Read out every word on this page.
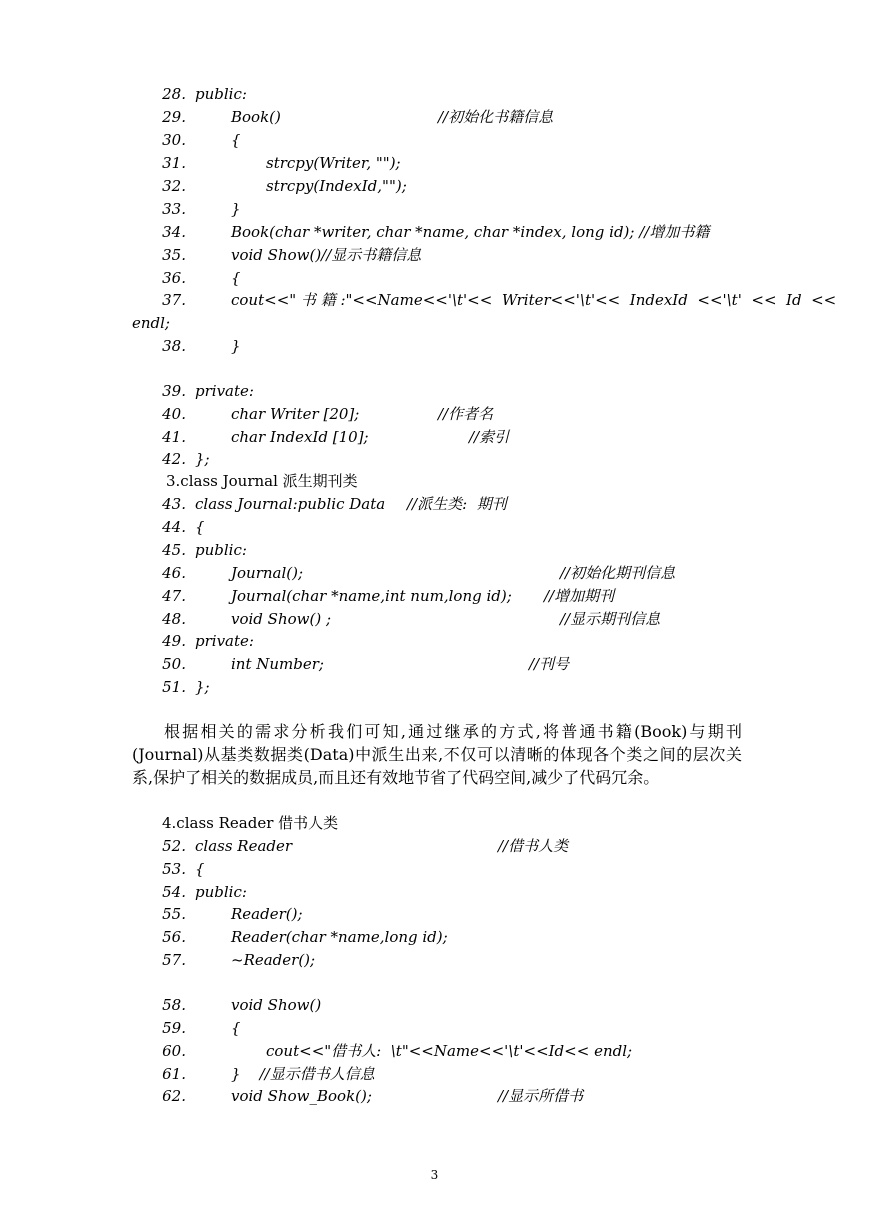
28. public:
29.	Book()	//初始化书籍信息
30.	{
31.	strcpy(Writer, "");
32.	strcpy(IndexId,"");
33.	}
34.	Book(char *writer, char *name, char *index, long id); //增加书籍
35.	void Show()//显示书籍信息
36.	{
37.	cout<<" 书 籍 :"<<Name<<'\t'<<  Writer<<'\t'<<  IndexId  <<'\t'  <<  Id  <<
endl;
38.	}
39. private:
40.	char Writer [20];	//作者名
41.	char IndexId [10];	//索引
42. };
3.class Journal 派生期刊类
43. class Journal:public Data //派生类:  期刊
44. {
45. public:
46.	Journal();	//初始化期刊信息
47.	Journal(char *name,int num,long id); //增加期刊
48.	void Show() ;	//显示期刊信息
49. private:
50.	int Number;	//刊号
51. };
根据相关的需求分析我们可知,通过继承的方式,将普通书籍(Book)与期刊(Journal)从基类数据类(Data)中派生出来,不仅可以清晰的体现各个类之间的层次关系,保护了相关的数据成员,而且还有效地节省了代码空间,减少了代码冗余。
4.class Reader 借书人类
52. class Reader	//借书人类
53. {
54. public:
55.	Reader();
56.	Reader(char *name,long id);
57.	~Reader();
58.	void Show()
59.	{
60.	cout<<"借书人:  \t"<<Name<<'\t'<<Id<< endl;
61.	}    //显示借书人信息
62.	void Show_Book();	//显示所借书
3
